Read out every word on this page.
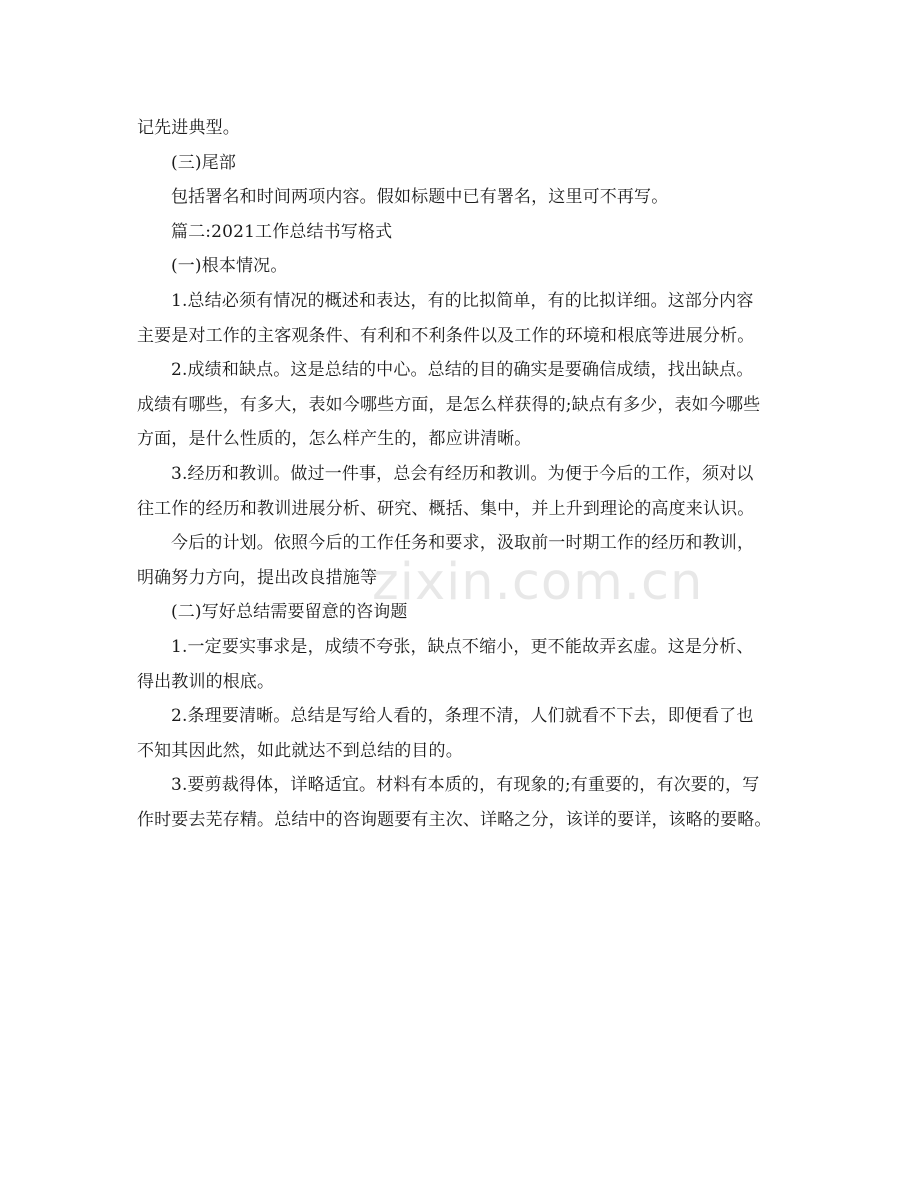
记先进典型。
(三)尾部
包括署名和时间两项内容。假如标题中已有署名，这里可不再写。
篇二:2021工作总结书写格式
(一)根本情况。
1.总结必须有情况的概述和表达，有的比拟简单，有的比拟详细。这部分内容
主要是对工作的主客观条件、有利和不利条件以及工作的环境和根底等进展分析。
2.成绩和缺点。这是总结的中心。总结的目的确实是要确信成绩，找出缺点。
成绩有哪些，有多大，表如今哪些方面，是怎么样获得的;缺点有多少，表如今哪些
方面，是什么性质的，怎么样产生的，都应讲清晰。
3.经历和教训。做过一件事，总会有经历和教训。为便于今后的工作，须对以
往工作的经历和教训进展分析、研究、概括、集中，并上升到理论的高度来认识。
今后的计划。依照今后的工作任务和要求，汲取前一时期工作的经历和教训，
明确努力方向，提出改良措施等
(二)写好总结需要留意的咨询题
1.一定要实事求是，成绩不夸张，缺点不缩小，更不能故弄玄虚。这是分析、
得出教训的根底。
2.条理要清晰。总结是写给人看的，条理不清，人们就看不下去，即便看了也
不知其因此然，如此就达不到总结的目的。
3.要剪裁得体，详略适宜。材料有本质的，有现象的;有重要的，有次要的，写
作时要去芜存精。总结中的咨询题要有主次、详略之分，该详的要详，该略的要略。
zixin.com.cn
